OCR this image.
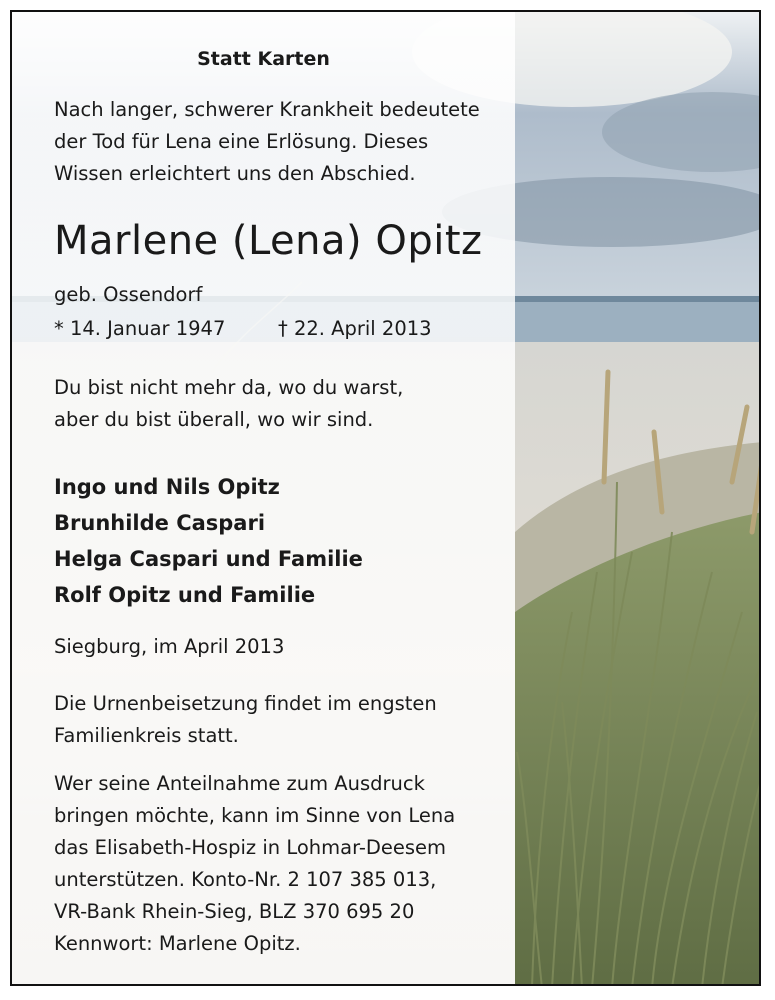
Statt Karten
Nach langer, schwerer Krankheit bedeutete
der Tod für Lena eine Erlösung. Dieses
Wissen erleichtert uns den Abschied.
Marlene (Lena) Opitz
geb. Ossendorf
* 14. Januar 1947	† 22. April 2013
Du bist nicht mehr da, wo du warst,
aber du bist überall, wo wir sind.
Ingo und Nils Opitz
Brunhilde Caspari
Helga Caspari und Familie
Rolf Opitz und Familie
Siegburg, im April 2013
Die Urnenbeisetzung findet im engsten
Familienkreis statt.
Wer seine Anteilnahme zum Ausdruck
bringen möchte, kann im Sinne von Lena
das Elisabeth-Hospiz in Lohmar-Deesem
unterstützen. Konto-Nr. 2 107 385 013,
VR-Bank Rhein-Sieg, BLZ 370 695 20
Kennwort: Marlene Opitz.
